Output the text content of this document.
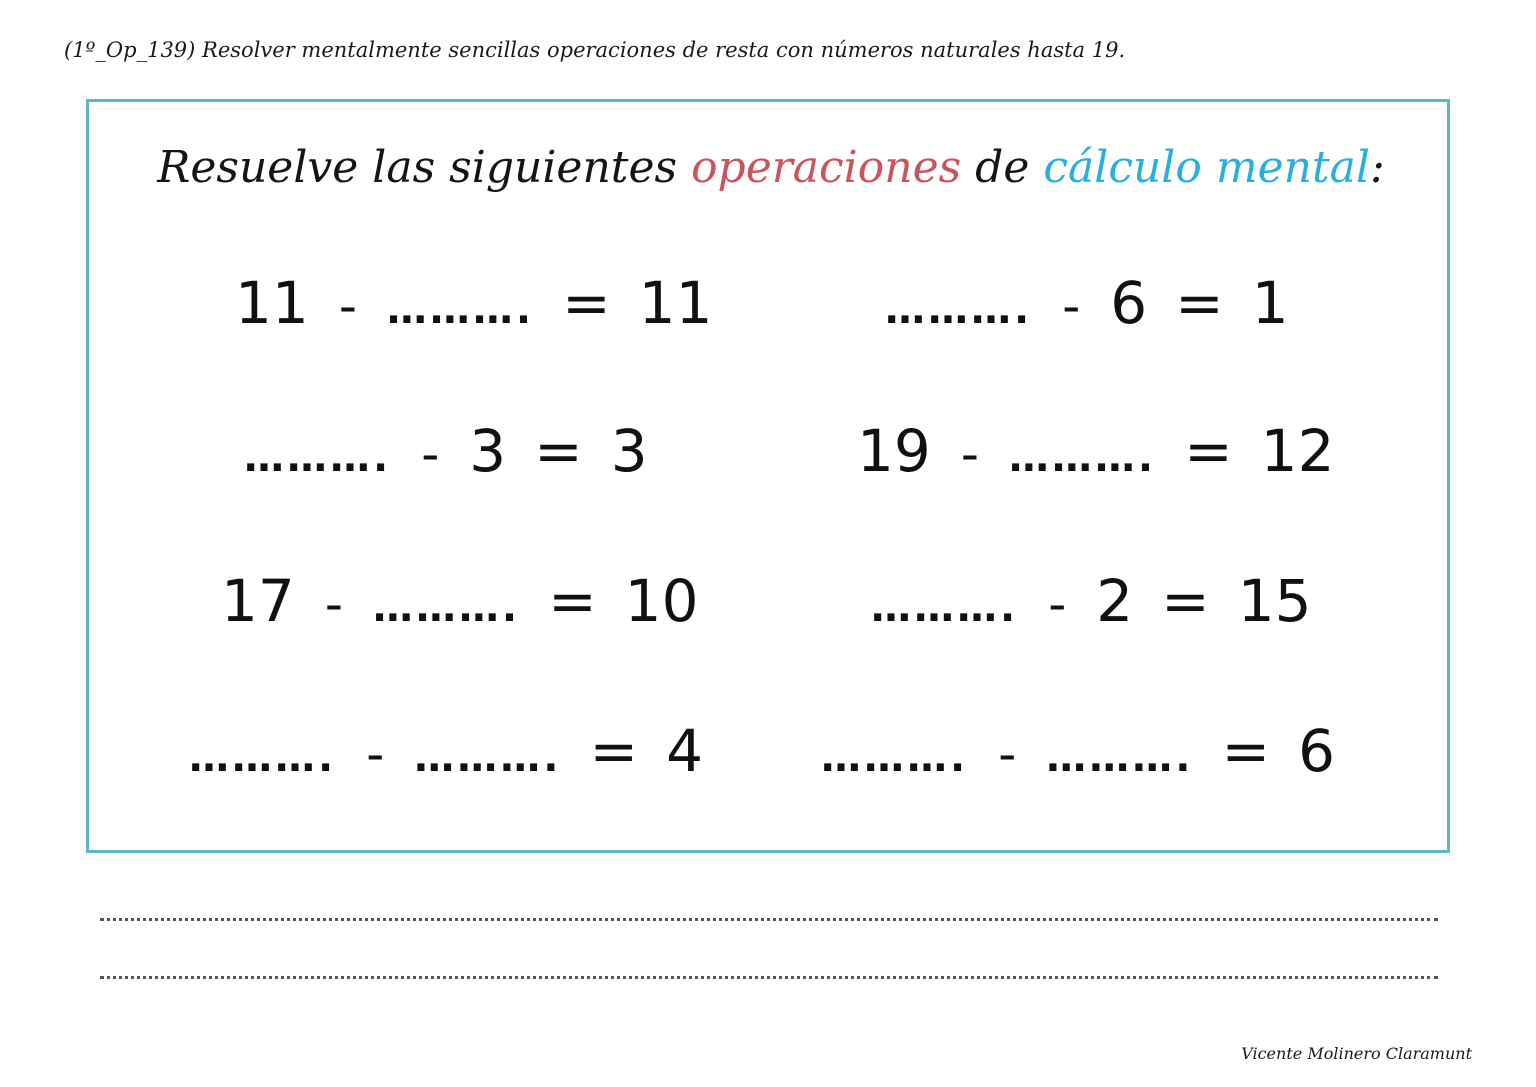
(1º_Op_139) Resolver mentalmente sencillas operaciones de resta con números naturales hasta 19.
Resuelve las siguientes operaciones de cálculo mental:
11 - ………. = 11	………. - 6 = 1
………. - 3 = 3	19 - ………. = 12
17 - ………. = 10	………. - 2 = 15
………. - ………. = 4	………. - ………. = 6
Vicente Molinero Claramunt
